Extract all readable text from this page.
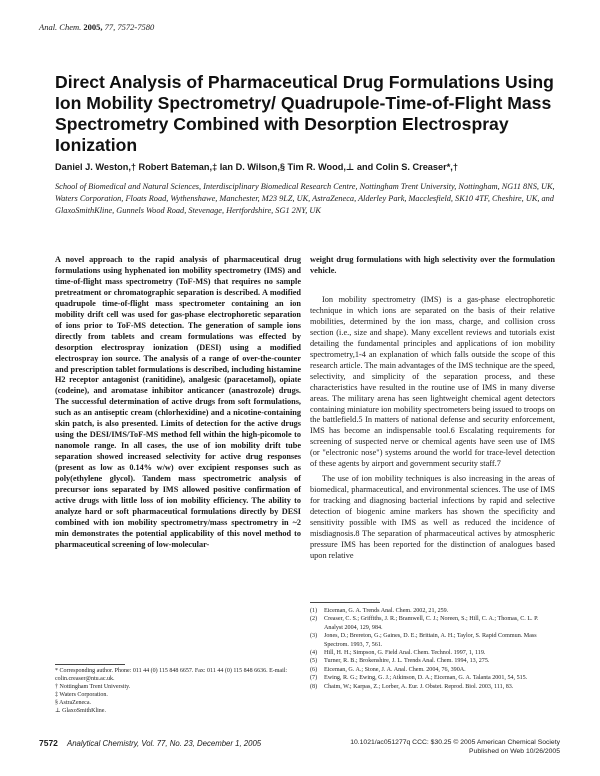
Anal. Chem. 2005, 77, 7572-7580
Direct Analysis of Pharmaceutical Drug Formulations Using Ion Mobility Spectrometry/ Quadrupole-Time-of-Flight Mass Spectrometry Combined with Desorption Electrospray Ionization
Daniel J. Weston,† Robert Bateman,‡ Ian D. Wilson,§ Tim R. Wood,⊥ and Colin S. Creaser*,†
School of Biomedical and Natural Sciences, Interdisciplinary Biomedical Research Centre, Nottingham Trent University, Nottingham, NG11 8NS, UK, Waters Corporation, Floats Road, Wythenshawe, Manchester, M23 9LZ, UK, AstraZeneca, Alderley Park, Macclesfield, SK10 4TF, Cheshire, UK, and GlaxoSmithKline, Gunnels Wood Road, Stevenage, Hertfordshire, SG1 2NY, UK
A novel approach to the rapid analysis of pharmaceutical drug formulations using hyphenated ion mobility spectrometry (IMS) and time-of-flight mass spectrometry (ToF-MS) that requires no sample pretreatment or chromatographic separation is described. A modified quadrupole time-of-flight mass spectrometer containing an ion mobility drift cell was used for gas-phase electrophoretic separation of ions prior to ToF-MS detection. The generation of sample ions directly from tablets and cream formulations was effected by desorption electrospray ionization (DESI) using a modified electrospray ion source. The analysis of a range of over-the-counter and prescription tablet formulations is described, including histamine H2 receptor antagonist (ranitidine), analgesic (paracetamol), opiate (codeine), and aromatase inhibitor anticancer (anastrozole) drugs. The successful determination of active drugs from soft formulations, such as an antiseptic cream (chlorhexidine) and a nicotine-containing skin patch, is also presented. Limits of detection for the active drugs using the DESI/IMS/ToF-MS method fell within the high-picomole to nanomole range. In all cases, the use of ion mobility drift tube separation showed increased selectivity for active drug responses (present as low as 0.14% w/w) over excipient responses such as poly(ethylene glycol). Tandem mass spectrometric analysis of precursor ions separated by IMS allowed positive confirmation of active drugs with little loss of ion mobility efficiency. The ability to analyze hard or soft pharmaceutical formulations directly by DESI combined with ion mobility spectrometry/mass spectrometry in ~2 min demonstrates the potential applicability of this novel method to pharmaceutical screening of low-molecular-
weight drug formulations with high selectivity over the formulation vehicle.

Ion mobility spectrometry (IMS) is a gas-phase electrophoretic technique in which ions are separated on the basis of their relative mobilities, determined by the ion mass, charge, and collision cross section (i.e., size and shape). Many excellent reviews and tutorials exist detailing the fundamental principles and applications of ion mobility spectrometry,1-4 an explanation of which falls outside the scope of this research article. The main advantages of the IMS technique are the speed, selectivity, and simplicity of the separation process, and these characteristics have resulted in the routine use of IMS in many diverse areas. The military arena has seen lightweight chemical agent detectors containing miniature ion mobility spectrometers being issued to troops on the battlefield.5 In matters of national defense and security enforcement, IMS has become an indispensable tool.6 Escalating requirements for screening of suspected nerve or chemical agents have seen use of IMS (or "electronic nose") systems around the world for trace-level detection of these agents by airport and government security staff.7

The use of ion mobility techniques is also increasing in the areas of biomedical, pharmaceutical, and environmental sciences. The use of IMS for tracking and diagnosing bacterial infections by rapid and selective detection of biogenic amine markers has shown the specificity and sensitivity possible with IMS as well as reduced the incidence of misdiagnosis.8 The separation of pharmaceutical actives by atmospheric pressure IMS has been reported for the distinction of analogues based upon relative

* Corresponding author. Phone: 011 44 (0) 115 848 6657. Fax: 011 44 (0) 115 848 6636. E-mail: colin.creaser@ntu.ac.uk.
† Nottingham Trent University.
‡ Waters Corporation.
§ AstraZeneca.
⊥ GlaxoSmithKline.
(1)	Eiceman, G. A. Trends Anal. Chem. 2002, 21, 259.
(2)	Creaser, C. S.; Griffiths, J. R.; Bramwell, C. J.; Noreen, S.; Hill, C. A.; Thomas, C. L. P. Analyst 2004, 129, 984.
(3)	Jones, D.; Brereton, G.; Gaines, D. E.; Brittain, A. H.; Taylor, S. Rapid Commun. Mass Spectrom. 1993, 7, 561.
(4)	Hill, H. H.; Simpson, G. Field Anal. Chem. Technol. 1997, 1, 119.
(5)	Turner, R. B.; Brokenshire, J. L. Trends Anal. Chem. 1994, 13, 275.
(6)	Eiceman, G. A.; Stone, J. A. Anal. Chem. 2004, 76, 390A.
(7)	Ewing, R. G.; Ewing, G. J.; Atkinson, D. A.; Eiceman, G. A. Talanta 2001, 54, 515.
(8)	Chaim, W.; Karpas, Z.; Lorber, A. Eur. J. Obstet. Reprod. Biol. 2003, 111, 83.
7572 Analytical Chemistry, Vol. 77, No. 23, December 1, 2005	10.1021/ac051277q CCC: $30.25 © 2005 American Chemical Society
Published on Web 10/26/2005
